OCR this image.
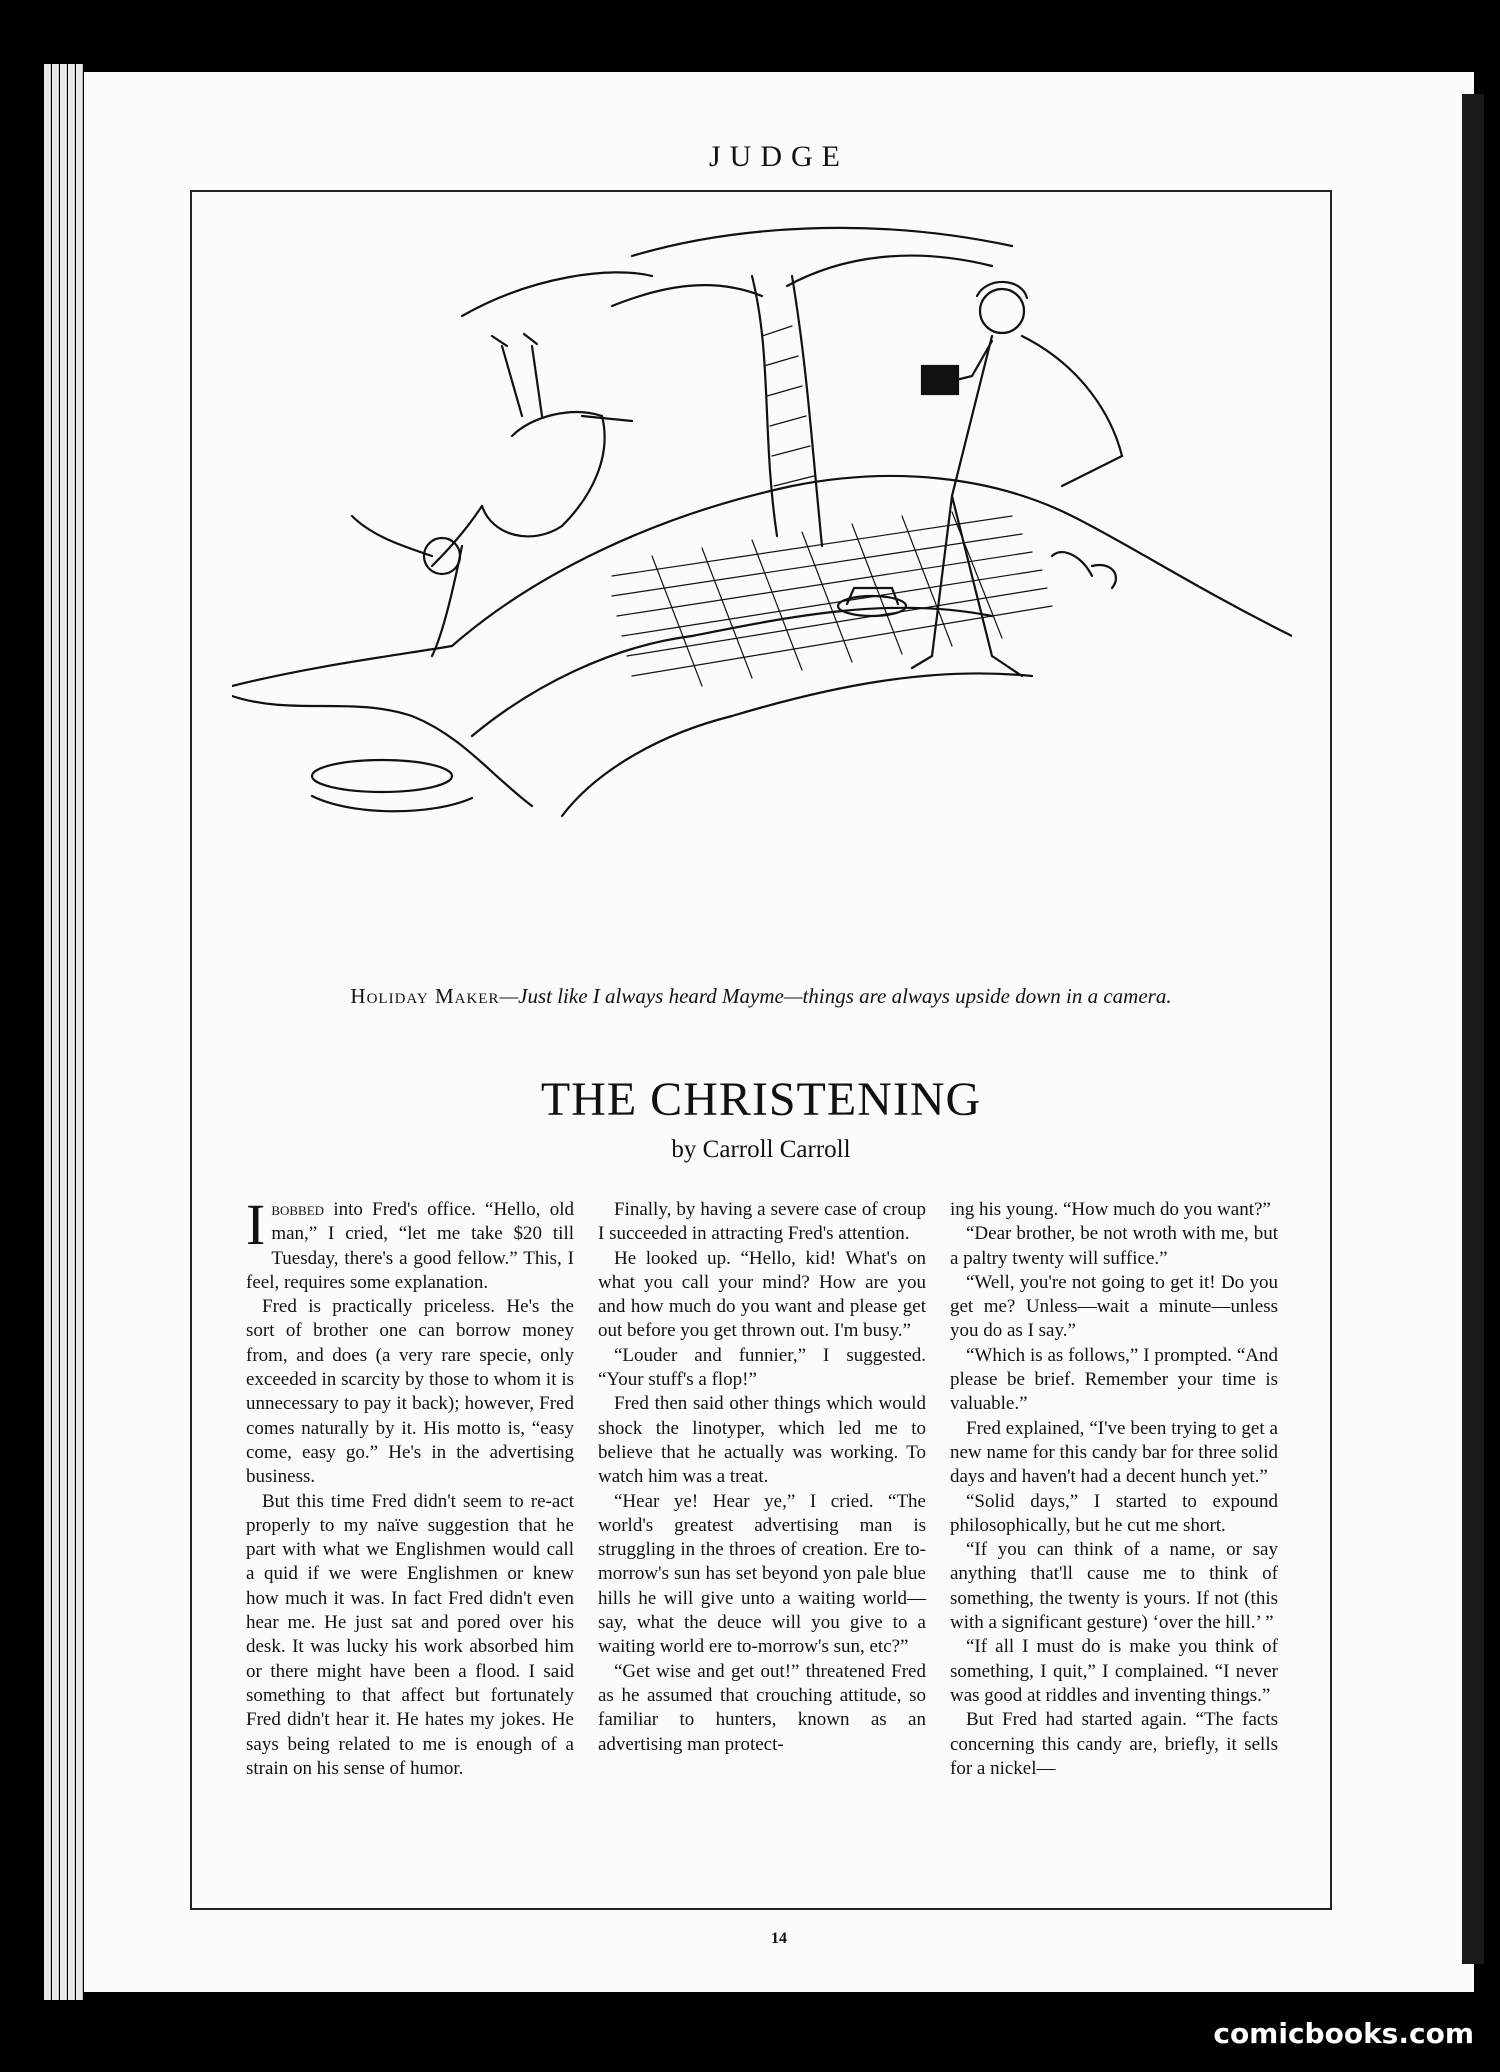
JUDGE
Holiday Maker—Just like I always heard Mayme—things are always upside down in a camera.
THE CHRISTENING
by Carroll Carroll

Ibobbed into Fred's office. “Hello, old man,” I cried, “let me take $20 till Tuesday, there's a good fellow.” This, I feel, requires some explanation.

Fred is practically priceless. He's the sort of brother one can borrow money from, and does (a very rare specie, only exceeded in scarcity by those to whom it is unnecessary to pay it back); however, Fred comes naturally by it. His motto is, “easy come, easy go.” He's in the advertising business.

But this time Fred didn't seem to re-act properly to my naïve suggestion that he part with what we Englishmen would call a quid if we were Englishmen or knew how much it was. In fact Fred didn't even hear me. He just sat and pored over his desk. It was lucky his work absorbed him or there might have been a flood. I said something to that affect but fortunately Fred didn't hear it. He hates my jokes. He says being related to me is enough of a strain on his sense of humor.

Finally, by having a severe case of croup I succeeded in attracting Fred's attention.

He looked up. “Hello, kid! What's on what you call your mind? How are you and how much do you want and please get out before you get thrown out. I'm busy.”

“Louder and funnier,” I suggested. “Your stuff's a flop!”

Fred then said other things which would shock the linotyper, which led me to believe that he actually was working. To watch him was a treat.

“Hear ye! Hear ye,” I cried. “The world's greatest advertising man is struggling in the throes of creation. Ere to-morrow's sun has set beyond yon pale blue hills he will give unto a waiting world—say, what the deuce will you give to a waiting world ere to-morrow's sun, etc?”

“Get wise and get out!” threatened Fred as he assumed that crouching attitude, so familiar to hunters, known as an advertising man protect-

ing his young. “How much do you want?”

“Dear brother, be not wroth with me, but a paltry twenty will suffice.”

“Well, you're not going to get it! Do you get me? Unless—wait a minute—unless you do as I say.”

“Which is as follows,” I prompted. “And please be brief. Remember your time is valuable.”

Fred explained, “I've been trying to get a new name for this candy bar for three solid days and haven't had a decent hunch yet.”

“Solid days,” I started to expound philosophically, but he cut me short.

“If you can think of a name, or say anything that'll cause me to think of something, the twenty is yours. If not (this with a significant gesture) ‘over the hill.’ ”

“If all I must do is make you think of something, I quit,” I complained. “I never was good at riddles and inventing things.”

But Fred had started again. “The facts concerning this candy are, briefly, it sells for a nickel—

14
comicbooks.com
